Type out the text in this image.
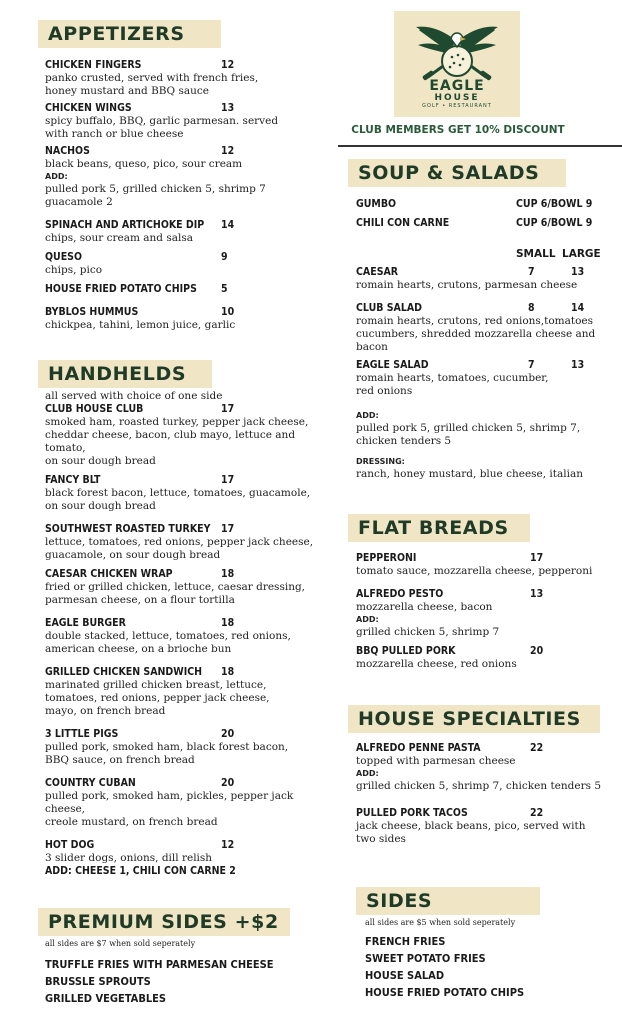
APPETIZERS
CHICKEN FINGERS	12
panko crusted, served with french fries,
honey mustard and BBQ sauce
CHICKEN WINGS	13
spicy buffalo, BBQ, garlic parmesan. served
with ranch or blue cheese
NACHOS	12
black beans, queso, pico, sour cream
ADD:
pulled pork 5, grilled chicken 5, shrimp 7
guacamole 2
SPINACH AND ARTICHOKE DIP 14
chips, sour cream and salsa
QUESO	9
chips, pico
HOUSE FRIED POTATO CHIPS 5
BYBLOS HUMMUS	10
chickpea, tahini, lemon juice, garlic
HANDHELDS
all served with choice of one side
CLUB HOUSE CLUB	17
smoked ham, roasted turkey, pepper jack cheese,
cheddar cheese, bacon, club mayo, lettuce and tomato,
on sour dough bread
FANCY BLT	17
black forest bacon, lettuce, tomatoes, guacamole,
on sour dough bread
SOUTHWEST ROASTED TURKEY 17
lettuce, tomatoes, red onions, pepper jack cheese,
guacamole, on sour dough bread
CAESAR CHICKEN WRAP	18
fried or grilled chicken, lettuce, caesar dressing,
parmesan cheese, on a flour tortilla
EAGLE BURGER	18
double stacked, lettuce, tomatoes, red onions,
american cheese, on a brioche bun
GRILLED CHICKEN SANDWICH 18
marinated grilled chicken breast, lettuce,
tomatoes, red onions, pepper jack cheese,
mayo, on french bread
3 LITTLE PIGS	20
pulled pork, smoked ham, black forest bacon,
BBQ sauce, on french bread
COUNTRY CUBAN	20
pulled pork, smoked ham, pickles, pepper jack cheese,
creole mustard, on french bread
HOT DOG	12
3 slider dogs, onions, dill relish
ADD: CHEESE 1, CHILI CON CARNE 2
PREMIUM SIDES +$2
all sides are $7 when sold seperately
TRUFFLE FRIES WITH PARMESAN CHEESE
BRUSSLE SPROUTS
GRILLED VEGETABLES
EAGLE
HOUSE
GOLF • RESTAURANT
CLUB MEMBERS GET 10% DISCOUNT
SOUP & SALADS
GUMBO	CUP 6/BOWL 9
CHILI CON CARNE	CUP 6/BOWL 9
SMALL LARGE
CAESAR	7	13
romain hearts, crutons, parmesan cheese
CLUB SALAD	8	14
romain hearts, crutons, red onions,tomatoes
cucumbers, shredded mozzarella cheese and
bacon
EAGLE SALAD	7	13
romain hearts, tomatoes, cucumber,
red onions
ADD:
pulled pork 5, grilled chicken 5, shrimp 7,
chicken tenders 5
DRESSING:
ranch, honey mustard, blue cheese, italian
FLAT BREADS
PEPPERONI	17
tomato sauce, mozzarella cheese, pepperoni
ALFREDO PESTO	13
mozzarella cheese, bacon
ADD:
grilled chicken 5, shrimp 7
BBQ PULLED PORK	20
mozzarella cheese, red onions
HOUSE SPECIALTIES
ALFREDO PENNE PASTA	22
topped with parmesan cheese
ADD:
grilled chicken 5, shrimp 7, chicken tenders 5
PULLED PORK TACOS	22
jack cheese, black beans, pico, served with
two sides
SIDES
all sides are $5 when sold seperately
FRENCH FRIES
SWEET POTATO FRIES
HOUSE SALAD
HOUSE FRIED POTATO CHIPS
